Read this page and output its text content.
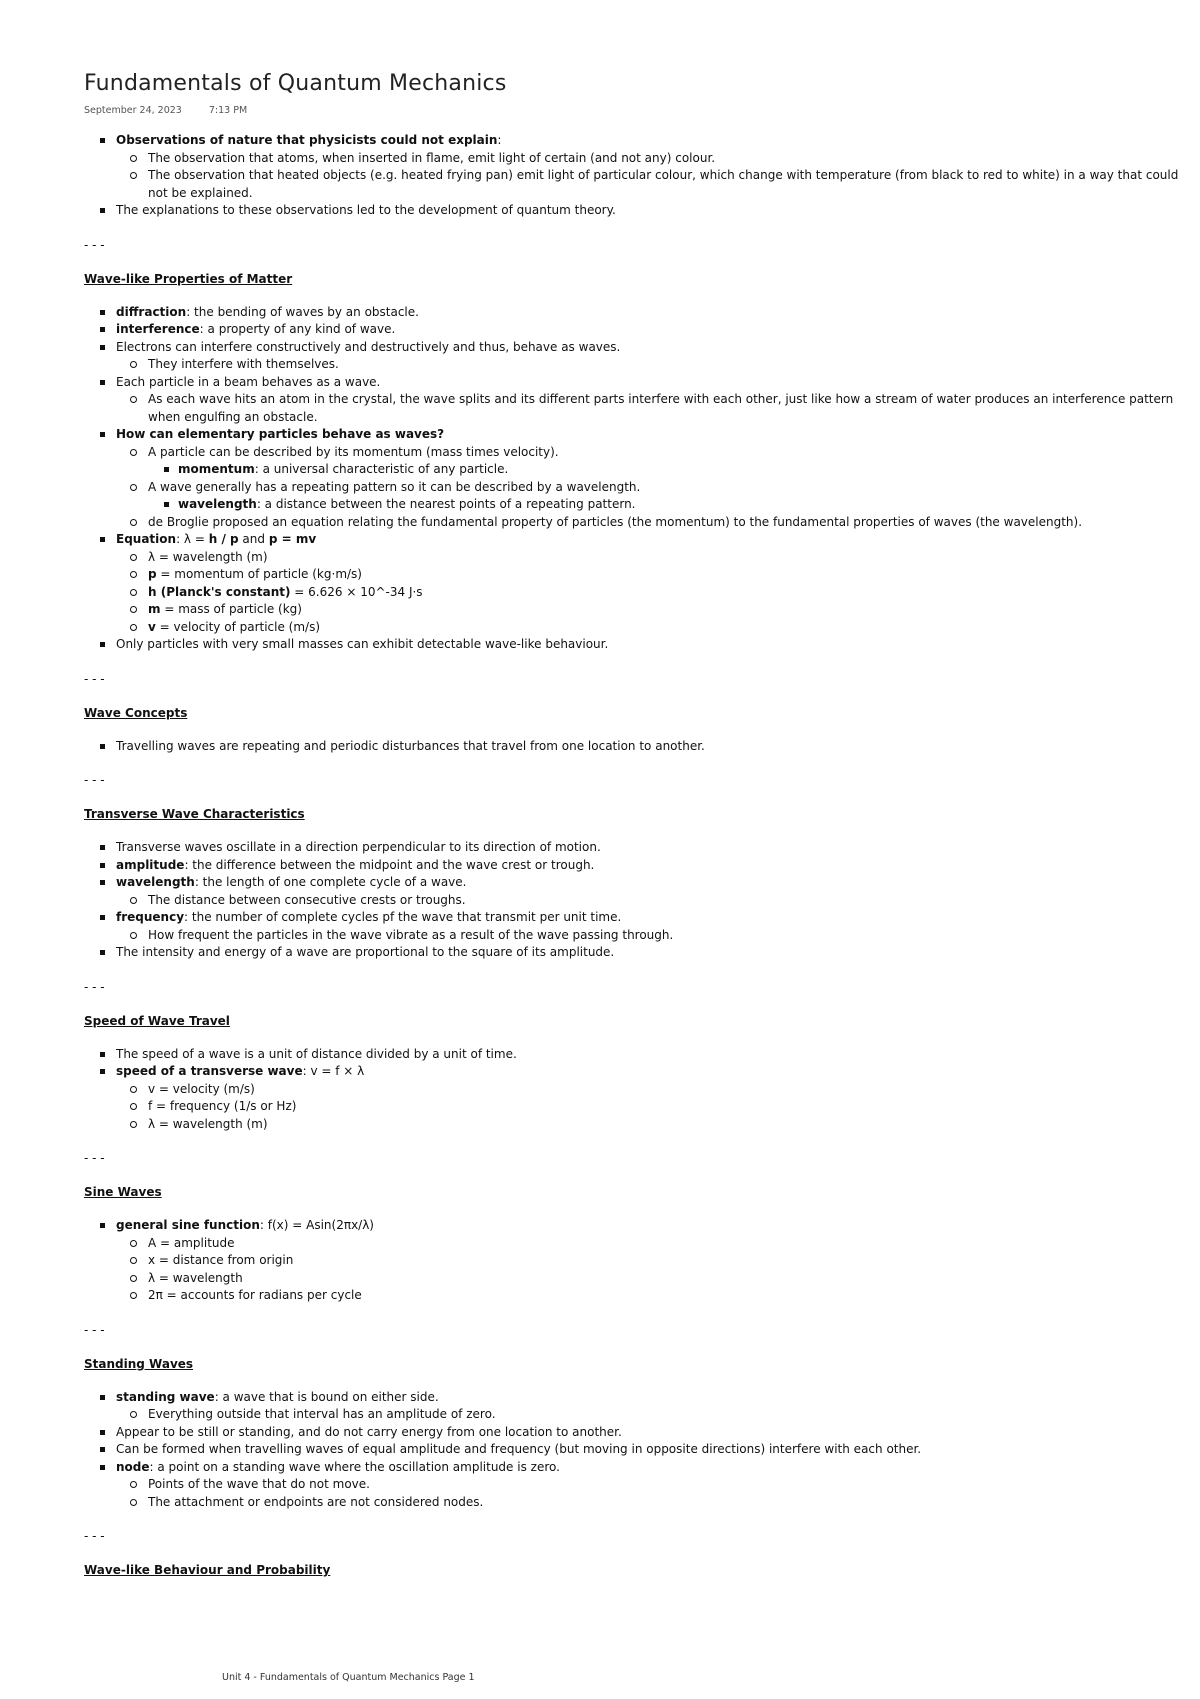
Fundamentals of Quantum Mechanics
September 24, 2023	7:13 PM
Observations of nature that physicists could not explain:
The observation that atoms, when inserted in flame, emit light of certain (and not any) colour.
The observation that heated objects (e.g. heated frying pan) emit light of particular colour, which change with temperature (from black to red to white) in a way that could not be explained.
The explanations to these observations led to the development of quantum theory.
- - -
Wave-like Properties of Matter
diffraction: the bending of waves by an obstacle.
interference: a property of any kind of wave.
Electrons can interfere constructively and destructively and thus, behave as waves.
They interfere with themselves.
Each particle in a beam behaves as a wave.
As each wave hits an atom in the crystal, the wave splits and its different parts interfere with each other, just like how a stream of water produces an interference pattern when engulfing an obstacle.
How can elementary particles behave as waves?
A particle can be described by its momentum (mass times velocity).
momentum: a universal characteristic of any particle.
A wave generally has a repeating pattern so it can be described by a wavelength.
wavelength: a distance between the nearest points of a repeating pattern.
de Broglie proposed an equation relating the fundamental property of particles (the momentum) to the fundamental properties of waves (the wavelength).
Equation: λ = h / p and p = mv
λ = wavelength (m)
p = momentum of particle (kg·m/s)
h (Planck's constant) = 6.626 × 10^-34 J·s
m = mass of particle (kg)
v = velocity of particle (m/s)
Only particles with very small masses can exhibit detectable wave-like behaviour.
- - -
Wave Concepts
Travelling waves are repeating and periodic disturbances that travel from one location to another.
- - -
Transverse Wave Characteristics
Transverse waves oscillate in a direction perpendicular to its direction of motion.
amplitude: the difference between the midpoint and the wave crest or trough.
wavelength: the length of one complete cycle of a wave.
The distance between consecutive crests or troughs.
frequency: the number of complete cycles pf the wave that transmit per unit time.
How frequent the particles in the wave vibrate as a result of the wave passing through.
The intensity and energy of a wave are proportional to the square of its amplitude.
- - -
Speed of Wave Travel
The speed of a wave is a unit of distance divided by a unit of time.
speed of a transverse wave: v = f × λ
v = velocity (m/s)
f = frequency (1/s or Hz)
λ = wavelength (m)
- - -
Sine Waves
general sine function: f(x) = Asin(2πx/λ)
A = amplitude
x = distance from origin
λ = wavelength
2π = accounts for radians per cycle
- - -
Standing Waves
standing wave: a wave that is bound on either side.
Everything outside that interval has an amplitude of zero.
Appear to be still or standing, and do not carry energy from one location to another.
Can be formed when travelling waves of equal amplitude and frequency (but moving in opposite directions) interfere with each other.
node: a point on a standing wave where the oscillation amplitude is zero.
Points of the wave that do not move.
The attachment or endpoints are not considered nodes.
- - -
Wave-like Behaviour and Probability
Unit 4 - Fundamentals of Quantum Mechanics Page 1
